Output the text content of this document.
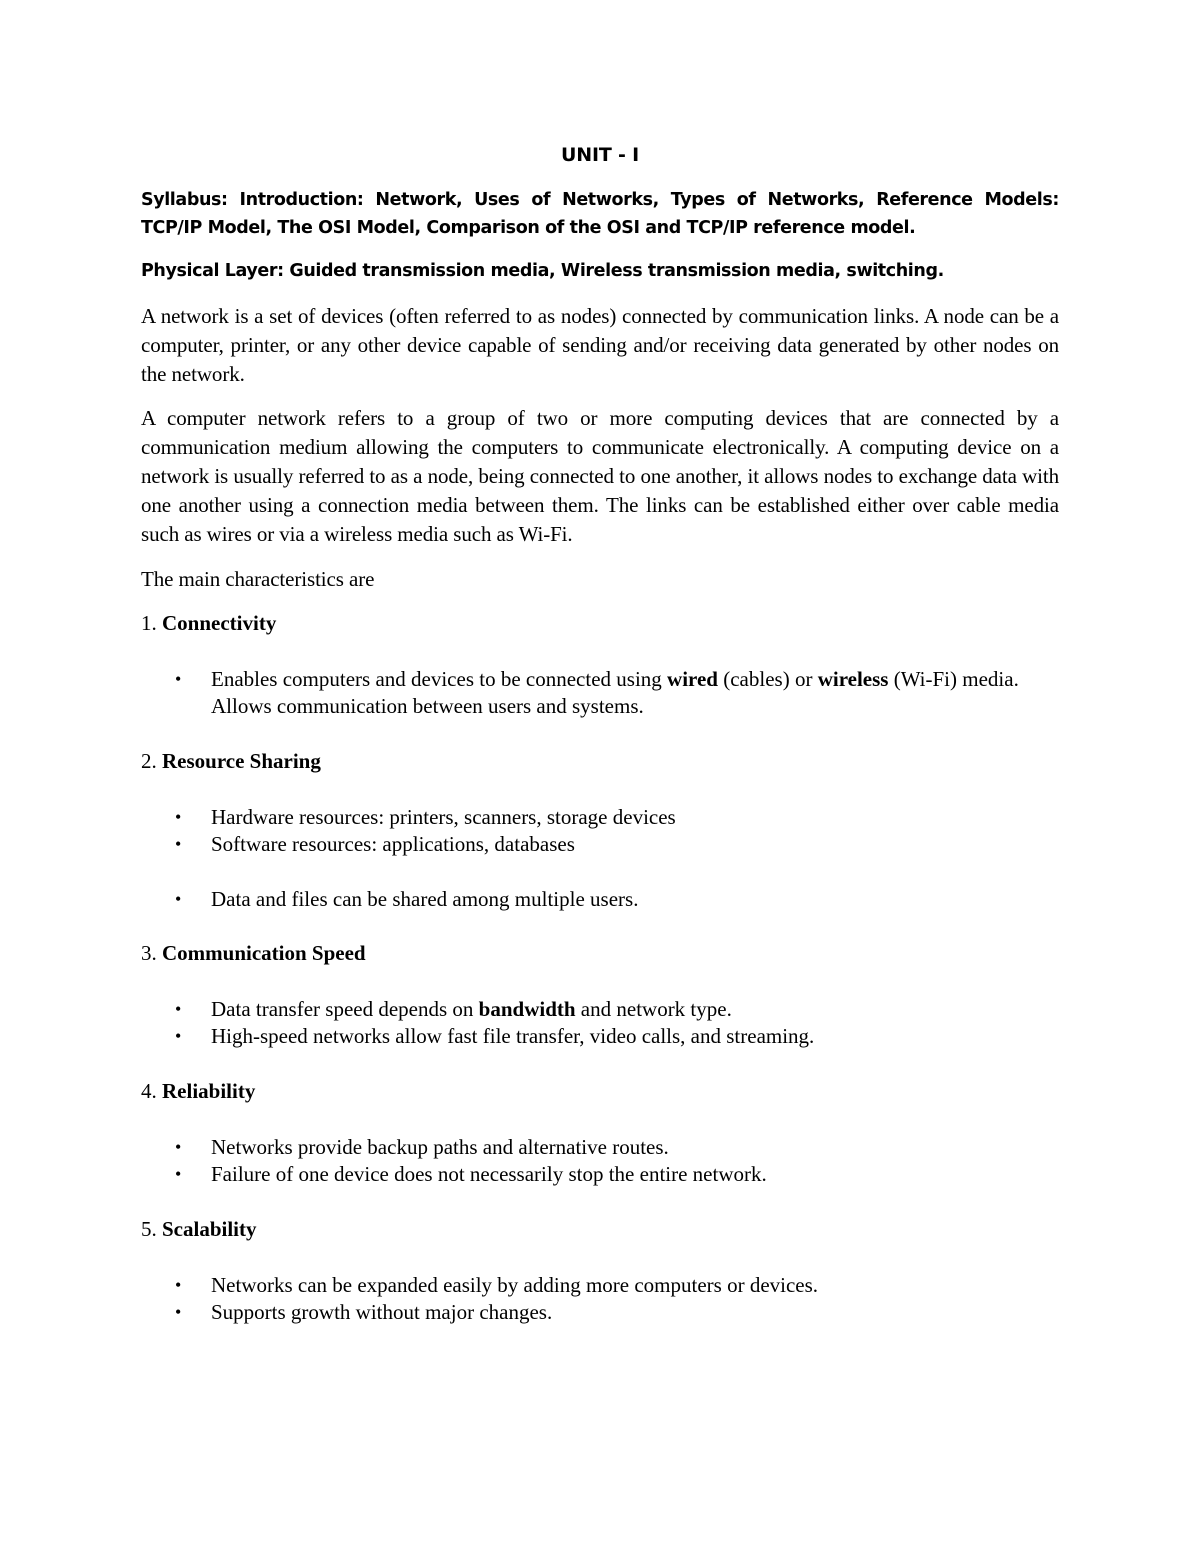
UNIT - I

Syllabus: Introduction: Network, Uses of Networks, Types of Networks, Reference Models: TCP/IP Model, The OSI Model, Comparison of the OSI and TCP/IP reference model.

Physical Layer: Guided transmission media, Wireless transmission media, switching.

A network is a set of devices (often referred to as nodes) connected by communication links. A node can be a computer, printer, or any other device capable of sending and/or receiving data generated by other nodes on the network.

A computer network refers to a group of two or more computing devices that are connected by a communication medium allowing the computers to communicate electronically. A computing device on a network is usually referred to as a node, being connected to one another, it allows nodes to exchange data with one another using a connection media between them. The links can be established either over cable media such as wires or via a wireless media such as Wi-Fi.

The main characteristics are

1. Connectivity

• Enables computers and devices to be connected using wired (cables) or wireless (Wi-Fi) media. Allows communication between users and systems.

2. Resource Sharing

• Hardware resources: printers, scanners, storage devices
• Software resources: applications, databases
• Data and files can be shared among multiple users.

3. Communication Speed

• Data transfer speed depends on bandwidth and network type.
• High-speed networks allow fast file transfer, video calls, and streaming.

4. Reliability

• Networks provide backup paths and alternative routes.
• Failure of one device does not necessarily stop the entire network.

5. Scalability

• Networks can be expanded easily by adding more computers or devices.
• Supports growth without major changes.
